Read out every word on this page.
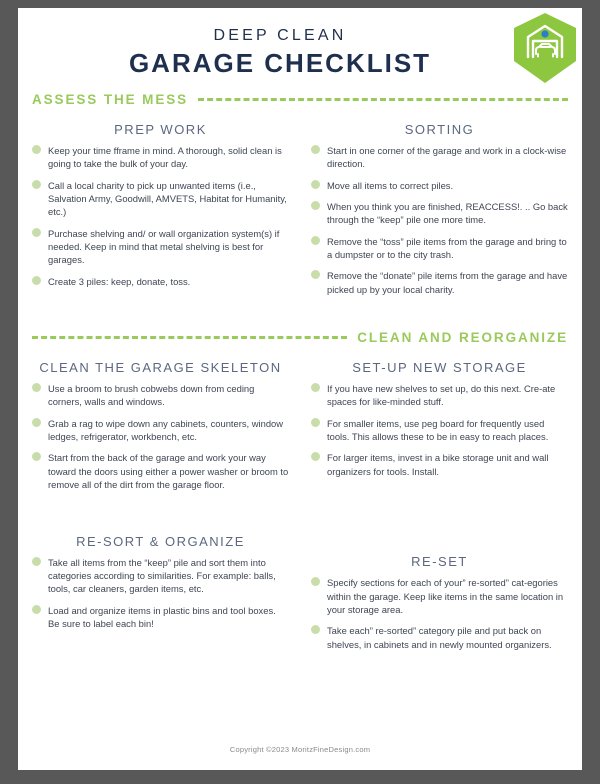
DEEP CLEAN
GARAGE CHECKLIST
ASSESS THE MESS
PREP WORK
Keep your time fframe in mind. A thorough, solid clean is going to take the bulk of your day.
Call a local charity to pick up unwanted items (i.e., Salvation Army, Goodwill, AMVETS, Habitat for Humanity, etc.)
Purchase shelving and/ or wall organization system(s) if needed. Keep in mind that metal shelving is best for garages.
Create 3 piles: keep, donate, toss.
SORTING
Start in one corner of the garage and work in a clock-wise direction.
Move all items to correct piles.
When you think you are finished, REACCESS!. .. Go back through the “keep” pile one more time.
Remove the “toss” pile items from the garage and bring to a dumpster or to the city trash.
Remove the “donate” pile items from the garage and have picked up by your local charity.
CLEAN AND REORGANIZE
CLEAN THE GARAGE SKELETON
Use a broom to brush cobwebs down from ceding corners, walls and windows.
Grab a rag to wipe down any cabinets, counters, window ledges, refrigerator, workbench, etc.
Start from the back of the garage and work your way toward the doors using either a power washer or broom to remove all of the dirt from the garage floor.
RE-SORT & ORGANIZE
Take all items from the “keep” pile and sort them into categories according to similarities. For example: balls, tools, car cleaners, garden items, etc.
Load and organize items in plastic bins and tool boxes. Be sure to label each bin!
SET-UP NEW STORAGE
If you have new shelves to set up, do this next. Cre-ate spaces for like-minded stuff.
For smaller items, use peg board for frequently used tools. This allows these to be in easy to reach places.
For larger items, invest in a bike storage unit and wall organizers for tools. Install.
RE-SET
Specify sections for each of your” re-sorted” cat-egories within the garage. Keep like items in the same location in your storage area.
Take each” re-sorted” category pile and put back on shelves, in cabinets and in newly mounted organizers.
Copyright ©2023 MoritzFineDesign.com
